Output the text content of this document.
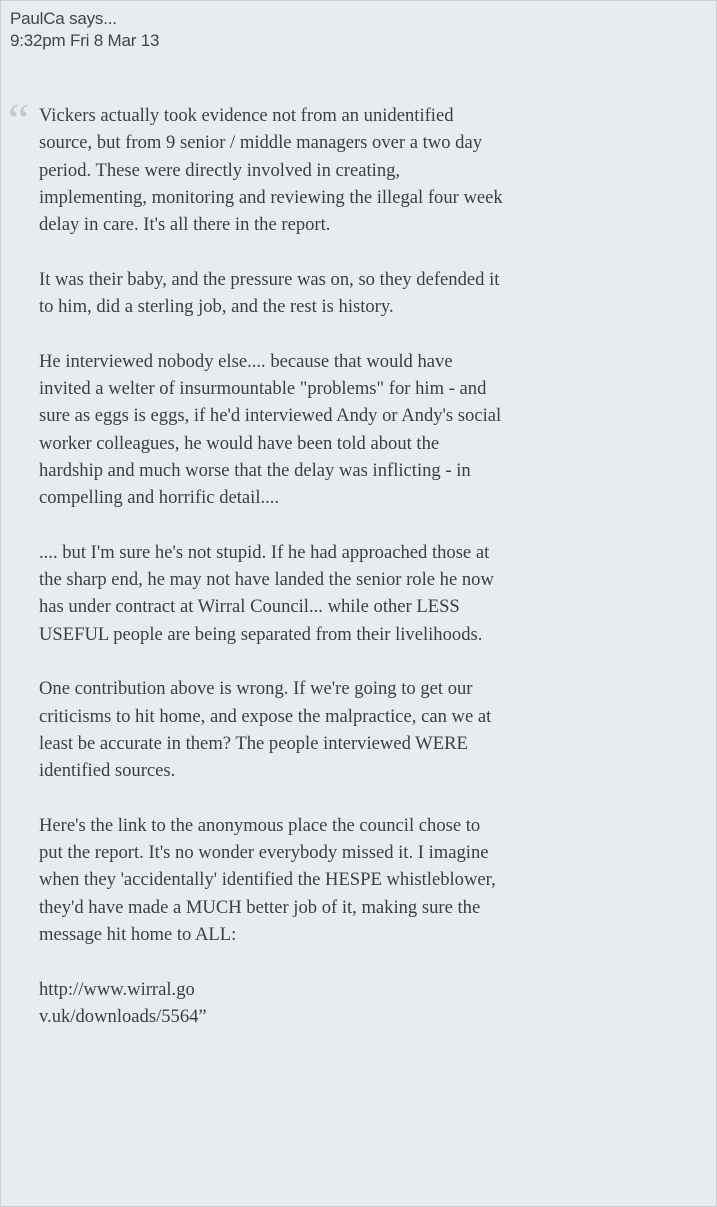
PaulCa says...
9:32pm Fri 8 Mar 13
“ Vickers actually took evidence not from an unidentified
source, but from 9 senior / middle managers over a two day
period. These were directly involved in creating,
implementing, monitoring and reviewing the illegal four week
delay in care. It's all there in the report.

It was their baby, and the pressure was on, so they defended it
to him, did a sterling job, and the rest is history.

He interviewed nobody else.... because that would have
invited a welter of insurmountable "problems" for him - and
sure as eggs is eggs, if he'd interviewed Andy or Andy's social
worker colleagues, he would have been told about the
hardship and much worse that the delay was inflicting - in
compelling and horrific detail....

.... but I'm sure he's not stupid. If he had approached those at
the sharp end, he may not have landed the senior role he now
has under contract at Wirral Council... while other LESS
USEFUL people are being separated from their livelihoods.

One contribution above is wrong. If we're going to get our
criticisms to hit home, and expose the malpractice, can we at
least be accurate in them? The people interviewed WERE
identified sources.

Here's the link to the anonymous place the council chose to
put the report. It's no wonder everybody missed it. I imagine
when they 'accidentally' identified the HESPE whistleblower,
they'd have made a MUCH better job of it, making sure the
message hit home to ALL:

http://www.wirral.go
v.uk/downloads/5564”
